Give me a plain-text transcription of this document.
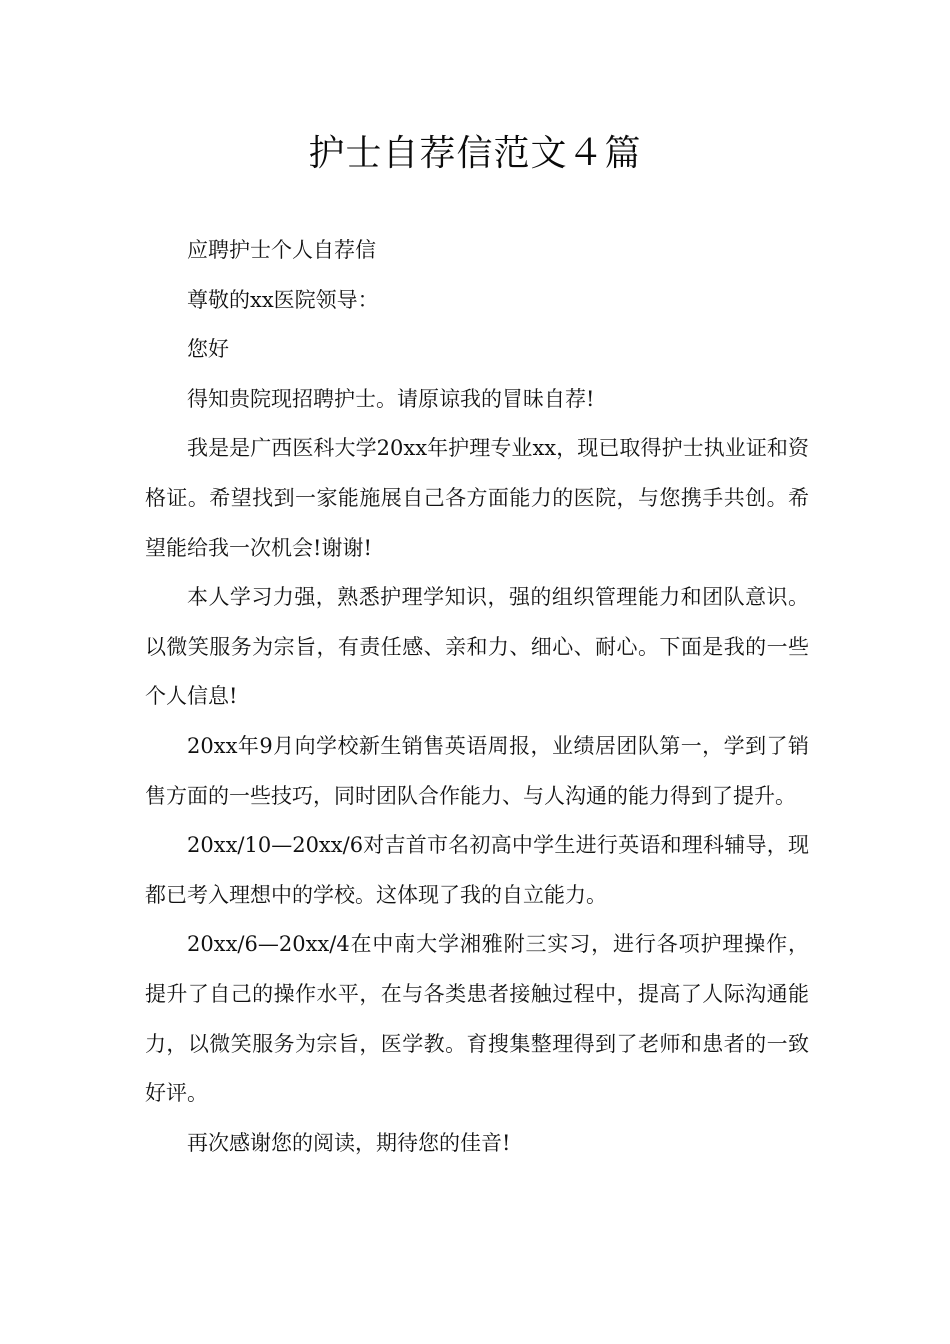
护士自荐信范文４篇

应聘护士个人自荐信

尊敬的xx医院领导：

您好

得知贵院现招聘护士。请原谅我的冒昧自荐!

我是是广西医科大学20xx年护理专业xx，现已取得护士执业证和资格证。希望找到一家能施展自己各方面能力的医院，与您携手共创。希望能给我一次机会!谢谢!

本人学习力强，熟悉护理学知识，强的组织管理能力和团队意识。以微笑服务为宗旨，有责任感、亲和力、细心、耐心。下面是我的一些个人信息!

20xx年9月向学校新生销售英语周报，业绩居团队第一，学到了销售方面的一些技巧，同时团队合作能力、与人沟通的能力得到了提升。

20xx/10—20xx/6对吉首市名初高中学生进行英语和理科辅导，现都已考入理想中的学校。这体现了我的自立能力。

20xx/6—20xx/4在中南大学湘雅附三实习，进行各项护理操作，提升了自己的操作水平，在与各类患者接触过程中，提高了人际沟通能力，以微笑服务为宗旨，医学教。育搜集整理得到了老师和患者的一致好评。

再次感谢您的阅读，期待您的佳音!
